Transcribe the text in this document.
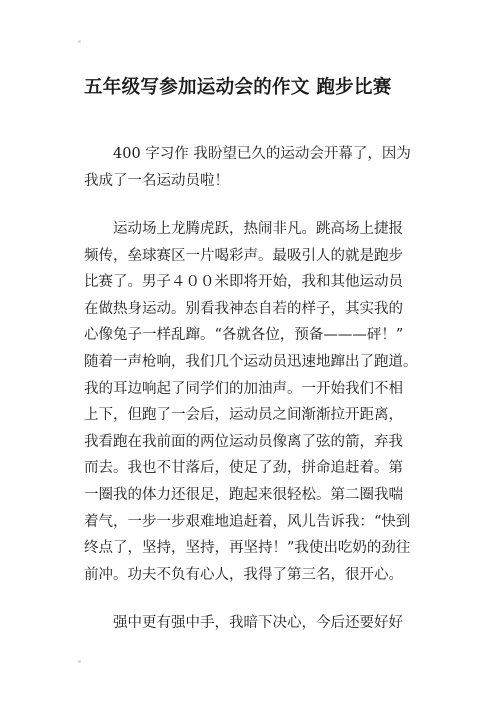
五年级写参加运动会的作文 跑步比赛

　　400 字习作 我盼望已久的运动会开幕了，因为
我成了一名运动员啦！

　　运动场上龙腾虎跃，热闹非凡。跳高场上捷报
频传，垒球赛区一片喝彩声。最吸引人的就是跑步
比赛了。男子４００米即将开始，我和其他运动员
在做热身运动。别看我神态自若的样子，其实我的
心像兔子一样乱蹿。“各就各位，预备———砰！”
随着一声枪响，我们几个运动员迅速地蹿出了跑道。
我的耳边响起了同学们的加油声。一开始我们不相
上下，但跑了一会后，运动员之间渐渐拉开距离，
我看跑在我前面的两位运动员像离了弦的箭，弃我
而去。我也不甘落后，使足了劲，拼命追赶着。第
一圈我的体力还很足，跑起来很轻松。第二圈我喘
着气，一步一步艰难地追赶着，风儿告诉我：“快到
终点了，坚持，坚持，再坚持！”我使出吃奶的劲往
前冲。功夫不负有心人，我得了第三名，很开心。

　　强中更有强中手，我暗下决心，今后还要好好
